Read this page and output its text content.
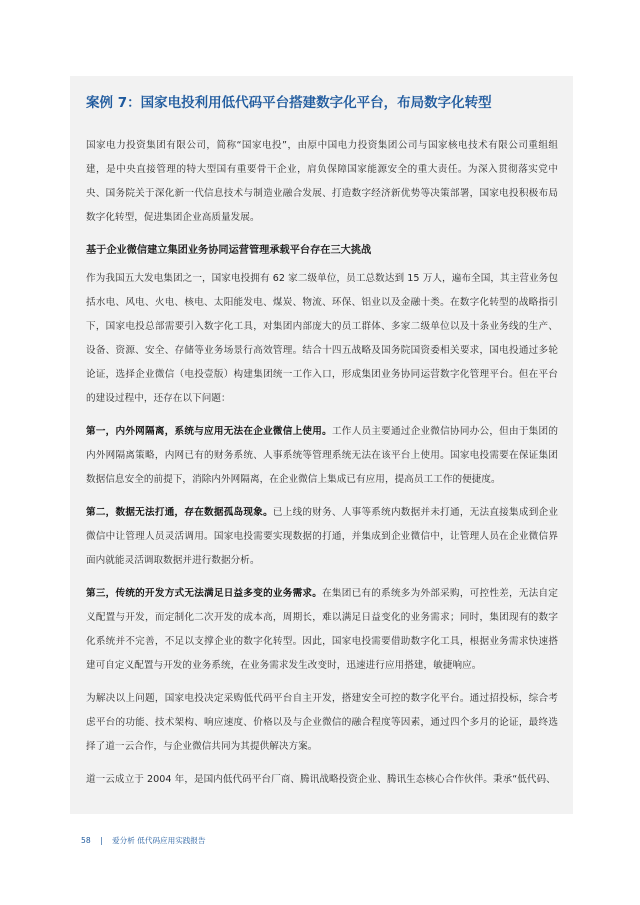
案例 7：国家电投利用低代码平台搭建数字化平台，布局数字化转型

国家电力投资集团有限公司，简称“国家电投”，由原中国电力投资集团公司与国家核电技术有限公司重组组建，是中央直接管理的特大型国有重要骨干企业，肩负保障国家能源安全的重大责任。为深入贯彻落实党中央、国务院关于深化新一代信息技术与制造业融合发展、打造数字经济新优势等决策部署，国家电投积极布局数字化转型，促进集团企业高质量发展。

基于企业微信建立集团业务协同运营管理承载平台存在三大挑战

作为我国五大发电集团之一，国家电投拥有 62 家二级单位，员工总数达到 15 万人，遍布全国，其主营业务包括水电、风电、火电、核电、太阳能发电、煤炭、物流、环保、铝业以及金融十类。在数字化转型的战略指引下，国家电投总部需要引入数字化工具，对集团内部庞大的员工群体、多家二级单位以及十条业务线的生产、设备、资源、安全、存储等业务场景行高效管理。结合十四五战略及国务院国资委相关要求，国电投通过多轮论证，选择企业微信（电投壹版）构建集团统一工作入口，形成集团业务协同运营数字化管理平台。但在平台的建设过程中，还存在以下问题：

第一，内外网隔离，系统与应用无法在企业微信上使用。工作人员主要通过企业微信协同办公，但由于集团的内外网隔离策略，内网已有的财务系统、人事系统等管理系统无法在该平台上使用。国家电投需要在保证集团数据信息安全的前提下，消除内外网隔离，在企业微信上集成已有应用，提高员工工作的便捷度。

第二，数据无法打通，存在数据孤岛现象。已上线的财务、人事等系统内数据并未打通，无法直接集成到企业微信中让管理人员灵活调用。国家电投需要实现数据的打通，并集成到企业微信中，让管理人员在企业微信界面内就能灵活调取数据并进行数据分析。

第三，传统的开发方式无法满足日益多变的业务需求。在集团已有的系统多为外部采购，可控性差，无法自定义配置与开发，而定制化二次开发的成本高，周期长，难以满足日益变化的业务需求；同时，集团现有的数字化系统并不完善，不足以支撑企业的数字化转型。因此，国家电投需要借助数字化工具，根据业务需求快速搭建可自定义配置与开发的业务系统，在业务需求发生改变时，迅速进行应用搭建，敏捷响应。

为解决以上问题，国家电投决定采购低代码平台自主开发，搭建安全可控的数字化平台。通过招投标，综合考虑平台的功能、技术架构、响应速度、价格以及与企业微信的融合程度等因素，通过四个多月的论证，最终选择了道一云合作，与企业微信共同为其提供解决方案。

道一云成立于 2004 年，是国内低代码平台厂商、腾讯战略投资企业、腾讯生态核心合作伙伴。秉承“低代码、

58 | 爱分析 低代码应用实践报告
